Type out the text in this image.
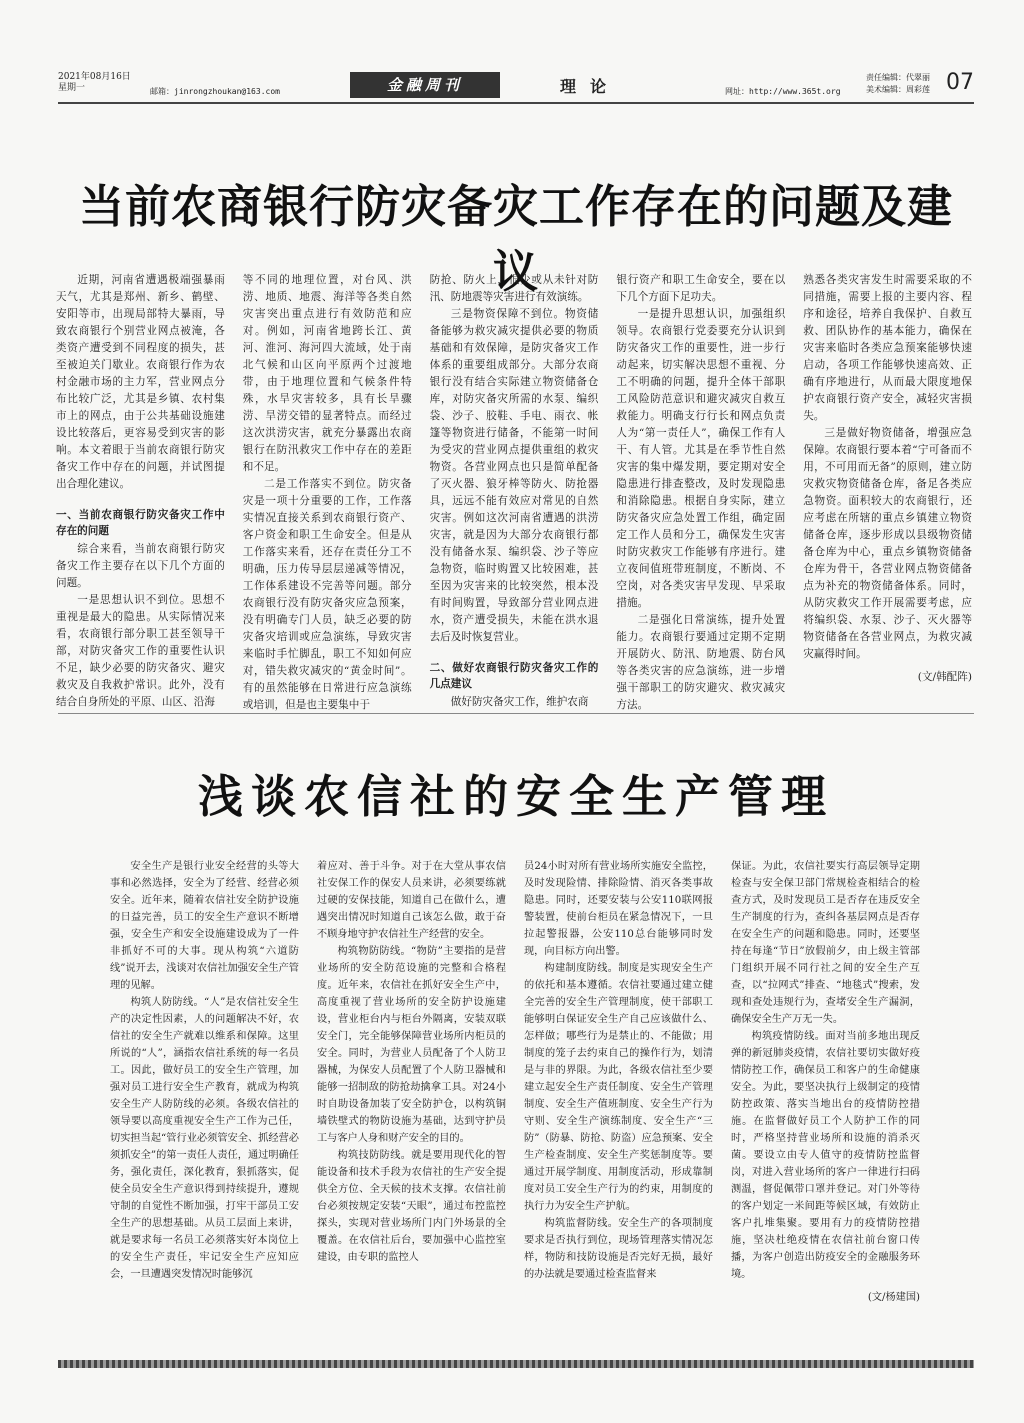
2021年08月16日
星期一	邮箱：jinrongzhoukan@163.com	金融周刊	理论	网址：http://www.365t.org
责任编辑：代翠丽
美术编辑：周彩莲 07
当前农商银行防灾备灾工作存在的问题及建议

近期，河南省遭遇极端强暴雨天气，尤其是郑州、新乡、鹤壁、安阳等市，出现局部特大暴雨，导致农商银行个别营业网点被淹，各类资产遭受到不同程度的损失，甚至被迫关门歇业。农商银行作为农村金融市场的主力军，营业网点分布比较广泛，尤其是乡镇、农村集市上的网点，由于公共基础设施建设比较落后，更容易受到灾害的影响。本文着眼于当前农商银行防灾备灾工作中存在的问题，并试图提出合理化建议。

一、当前农商银行防灾备灾工作中存在的问题

综合来看，当前农商银行防灾备灾工作主要存在以下几个方面的问题。

一是思想认识不到位。思想不重视是最大的隐患。从实际情况来看，农商银行部分职工甚至领导干部，对防灾备灾工作的重要性认识不足，缺少必要的防灾备灾、避灾救灾及自我救护常识。此外，没有结合自身所处的平原、山区、沿海

等不同的地理位置，对台风、洪涝、地质、地震、海洋等各类自然灾害突出重点进行有效防范和应对。例如，河南省地跨长江、黄河、淮河、海河四大流域，处于南北气候和山区向平原两个过渡地带，由于地理位置和气候条件特殊，水旱灾害较多，具有长旱骤涝、旱涝交错的显著特点。而经过这次洪涝灾害，就充分暴露出农商银行在防汛救灾工作中存在的差距和不足。

二是工作落实不到位。防灾备灾是一项十分重要的工作，工作落实情况直接关系到农商银行资产、客户资金和职工生命安全。但是从工作落实来看，还存在责任分工不明确，压力传导层层递减等情况，工作体系建设不完善等问题。部分农商银行没有防灾备灾应急预案，没有明确专门人员，缺乏必要的防灾备灾培训或应急演练，导致灾害来临时手忙脚乱，职工不知如何应对，错失救灾减灾的“黄金时间”。有的虽然能够在日常进行应急演练或培训，但是也主要集中于

防抢、防火上，很少或从未针对防汛、防地震等灾害进行有效演练。

三是物资保障不到位。物资储备能够为救灾减灾提供必要的物质基础和有效保障，是防灾备灾工作体系的重要组成部分。大部分农商银行没有结合实际建立物资储备仓库，对防灾备灾所需的水泵、编织袋、沙子、胶鞋、手电、雨衣、帐篷等物资进行储备，不能第一时间为受灾的营业网点提供重组的救灾物资。各营业网点也只是简单配备了灭火器、狼牙棒等防火、防抢器具，远远不能有效应对常见的自然灾害。例如这次河南省遭遇的洪涝灾害，就是因为大部分农商银行都没有储备水泵、编织袋、沙子等应急物资，临时购置又比较困难，甚至因为灾害来的比较突然，根本没有时间购置，导致部分营业网点进水，资产遭受损失，未能在洪水退去后及时恢复营业。

二、做好农商银行防灾备灾工作的几点建议

做好防灾备灾工作，维护农商

银行资产和职工生命安全，要在以下几个方面下足功夫。

一是提升思想认识，加强组织领导。农商银行党委要充分认识到防灾备灾工作的重要性，进一步行动起来，切实解决思想不重视、分工不明确的问题，提升全体干部职工风险防范意识和避灾减灾自救互救能力。明确支行行长和网点负责人为“第一责任人”，确保工作有人干、有人管。尤其是在季节性自然灾害的集中爆发期，要定期对安全隐患进行排查整改，及时发现隐患和消除隐患。根据自身实际，建立防灾备灾应急处置工作组，确定固定工作人员和分工，确保发生灾害时防灾救灾工作能够有序进行。建立夜间值班带班制度，不断岗、不空岗，对各类灾害早发现、早采取措施。

二是强化日常演练，提升处置能力。农商银行要通过定期不定期开展防火、防汛、防地震、防台风等各类灾害的应急演练，进一步增强干部职工的防灾避灾、救灾减灾方法。

熟悉各类灾害发生时需要采取的不同措施，需要上报的主要内容、程序和途径，培养自我保护、自救互救、团队协作的基本能力，确保在灾害来临时各类应急预案能够快速启动，各项工作能够快速高效、正确有序地进行，从而最大限度地保护农商银行资产安全，减轻灾害损失。

三是做好物资储备，增强应急保障。农商银行要本着“宁可备而不用，不可用而无备”的原则，建立防灾救灾物资储备仓库，备足各类应急物资。面积较大的农商银行，还应考虑在所辖的重点乡镇建立物资储备仓库，逐步形成以县级物资储备仓库为中心，重点乡镇物资储备仓库为骨干，各营业网点物资储备点为补充的物资储备体系。同时，从防灾救灾工作开展需要考虑，应将编织袋、水泵、沙子、灭火器等物资储备在各营业网点，为救灾减灾赢得时间。

(文/韩配阵)

浅谈农信社的安全生产管理

安全生产是银行业安全经营的头等大事和必然选择，安全为了经营、经营必须安全。近年来，随着农信社安全防护设施的日益完善，员工的安全生产意识不断增强，安全生产和安全设施建设成为了一件非抓好不可的大事。现从构筑“六道防线”说开去，浅谈对农信社加强安全生产管理的见解。

构筑人防防线。“人”是农信社安全生产的决定性因素，人的问题解决不好，农信社的安全生产就难以维系和保障。这里所说的“人”，涵指农信社系统的每一名员工。因此，做好员工的安全生产管理，加强对员工进行安全生产教育，就成为构筑安全生产人防防线的必须。各级农信社的领导要以高度重视安全生产工作为己任，切实担当起“管行业必须管安全、抓经营必须抓安全”的第一责任人责任，通过明确任务，强化责任，深化教育，狠抓落实，促使全员安全生产意识得到持续提升，遵规守制的自觉性不断加强，打牢干部员工安全生产的思想基础。从员工层面上来讲，就是要求每一名员工必须落实好本岗位上的安全生产责任，牢记安全生产应知应会，一旦遭遇突发情况时能够沉

着应对、善于斗争。对于在大堂从事农信社安保工作的保安人员来讲，必须要练就过硬的安保技能，知道自己在做什么，遭遇突出情况时知道自己该怎么做，敢于奋不顾身地守护农信社生产经营的安全。

构筑物防防线。“物防”主要指的是营业场所的安全防范设施的完整和合格程度。近年来，农信社在抓好安全生产中，高度重视了营业场所的安全防护设施建设，营业柜台内与柜台外隔离，安装双联安全门，完全能够保障营业场所内柜员的安全。同时，为营业人员配备了个人防卫器械，为保安人员配置了个人防卫器械和能够一招制敌的防抢劫擒拿工具。对24小时自助设备加装了安全防护仓，以构筑铜墙铁壁式的物防设施为基础，达到守护员工与客户人身和财产安全的目的。

构筑技防防线。就是要用现代化的智能设备和技术手段为农信社的生产安全提供全方位、全天候的技术支撑。农信社前台必须按规定安装“天眼”，通过布控监控探头，实现对营业场所门内门外场景的全覆盖。在农信社后台，要加强中心监控室建设，由专职的监控人

员24小时对所有营业场所实施安全监控，及时发现险情、排除险情、消灭各类事故隐患。同时，还要安装与公安110联网报警装置，使前台柜员在紧急情况下，一旦拉起警报器，公安110总台能够同时发现，向目标方向出警。

构建制度防线。制度是实现安全生产的依托和基本遵循。农信社要通过建立健全完善的安全生产管理制度，使干部职工能够明白保证安全生产自己应该做什么、怎样做；哪些行为是禁止的、不能做；用制度的笼子去约束自己的操作行为，划清是与非的界限。为此，各级农信社至少要建立起安全生产责任制度、安全生产管理制度、安全生产值班制度、安全生产行为守则、安全生产演练制度、安全生产“三防”（防暴、防抢、防盗）应急预案、安全生产检查制度、安全生产奖惩制度等。要通过开展学制度、用制度活动，形成靠制度对员工安全生产行为的约束，用制度的执行力为安全生产护航。

构筑监督防线。安全生产的各项制度要求是否执行到位，现场管理落实情况怎样，物防和技防设施是否完好无损，最好的办法就是要通过检查监督来

保证。为此，农信社要实行高层领导定期检查与安全保卫部门常规检查相结合的检查方式，及时发现员工是否存在违反安全生产制度的行为，查纠各基层网点是否存在安全生产的问题和隐患。同时，还要坚持在每逢“节日”放假前夕，由上级主管部门组织开展不同行社之间的安全生产互查，以“拉网式”排查、“地毯式”搜索，发现和查处违规行为，查堵安全生产漏洞，确保安全生产万无一失。

构筑疫情防线。面对当前多地出现反弹的新冠肺炎疫情，农信社要切实做好疫情防控工作，确保员工和客户的生命健康安全。为此，要坚决执行上级制定的疫情防控政策、落实当地出台的疫情防控措施。在监督做好员工个人防护工作的同时，严格坚持营业场所和设施的消杀灭菌。要设立由专人值守的疫情防控监督岗，对进入营业场所的客户一律进行扫码测温，督促佩带口罩并登记。对门外等待的客户划定一米间距等候区域，有效防止客户扎堆集聚。要用有力的疫情防控措施，坚决杜绝疫情在农信社前台窗口传播，为客户创造出防疫安全的金融服务环境。

(文/杨建国)
